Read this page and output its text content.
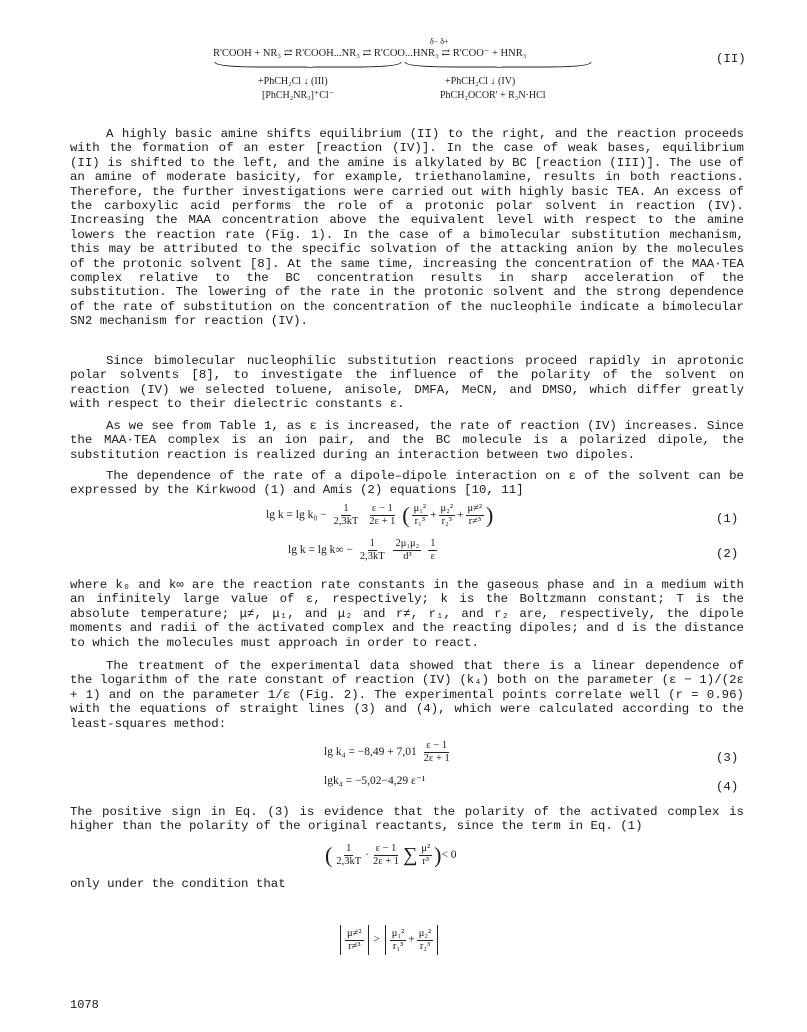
R'COOH + NR₃ ⇄ R'COOH...NR₃ ⇄ R'COO...HNR₃ ⇄ R'COO⁻ + HNR₃
δ− δ+
(II)
+PhCH₂Cl ↓ (III)
[PhCH₂NR₃]⁺Cl⁻
+PhCH₂Cl ↓ (IV)
PhCH₂OCOR' + R₃N·HCl

A highly basic amine shifts equilibrium (II) to the right, and the reaction proceeds with the formation of an ester [reaction (IV)]. In the case of weak bases, equilibrium (II) is shifted to the left, and the amine is alkylated by BC [reaction (III)]. The use of an amine of moderate basicity, for example, triethanolamine, results in both reactions. Therefore, the further investigations were carried out with highly basic TEA. An excess of the carboxylic acid performs the role of a protonic polar solvent in reaction (IV). Increasing the MAA concentration above the equivalent level with respect to the amine lowers the reaction rate (Fig. 1). In the case of a bimolecular substitution mechanism, this may be attributed to the specific solvation of the attacking anion by the molecules of the protonic solvent [8]. At the same time, increasing the concentration of the MAA·TEA complex relative to the BC concentration results in sharp acceleration of the substitution. The lowering of the rate in the protonic solvent and the strong dependence of the rate of substitution on the concentration of the nucleophile indicate a bimolecular SN2 mechanism for reaction (IV).

Since bimolecular nucleophilic substitution reactions proceed rapidly in aprotonic polar solvents [8], to investigate the influence of the polarity of the solvent on reaction (IV) we selected toluene, anisole, DMFA, MeCN, and DMSO, which differ greatly with respect to their dielectric constants ε.

As we see from Table 1, as ε is increased, the rate of reaction (IV) increases. Since the MAA·TEA complex is an ion pair, and the BC molecule is a polarized dipole, the substitution reaction is realized during an interaction between two dipoles.

The dependence of the rate of a dipole–dipole interaction on ε of the solvent can be expressed by the Kirkwood (1) and Amis (2) equations [10, 11]

$\lg k = \lg k_0 - \frac{1}{2,3kT}$
$\frac{\varepsilon - 1}{2\varepsilon + 1}$ ( $\frac{\text{μ₁²}}{\text{r₁³}} + \frac{\text{μ₂²}}{\text{r₂³}} + \frac{\text{μ≠²}}{\text{r≠³}}$ )	(1)
$\lg k = \lg k\infty - \frac{1}{2,3kT}$
$\frac{\text{2μ₁μ₂}}{\text{d³}}$
$\frac{1}{\varepsilon}$	(2)

where k₀ and k∞ are the reaction rate constants in the gaseous phase and in a medium with an infinitely large value of ε, respectively; k is the Boltzmann constant; T is the absolute temperature; μ≠, μ₁, and μ₂ and r≠, r₁, and r₂ are, respectively, the dipole moments and radii of the activated complex and the reacting dipoles; and d is the distance to which the molecules must approach in order to react.

The treatment of the experimental data showed that there is a linear dependence of the logarithm of the rate constant of reaction (IV) (k₄) both on the parameter (ε − 1)/(2ε + 1) and on the parameter 1/ε (Fig. 2). The experimental points correlate well (r = 0.96) with the equations of straight lines (3) and (4), which were calculated according to the least-squares method:

$\lg k_4 = -8,49 + 7,01 \frac{\varepsilon - 1}{2\varepsilon + 1}$	(3)
lgk₄ = −5,02−4,29 ε⁻¹	(4)

The positive sign in Eq. (3) is evidence that the polarity of the activated complex is higher than the polarity of the original reactants, since the term in Eq. (1)

( $\frac{1}{2,3kT} \cdot \frac{\varepsilon - 1}{2\varepsilon + 1}$ ∑ $\frac{\text{μ²}}{\text{r³}}$ )< 0

only under the condition that

$\frac{\text{μ≠²}}{\text{r≠³}} > \frac{\text{μ₁²}}{\text{r₁³}} + \frac{\text{μ₂²}}{\text{r₂³}}$
1078
